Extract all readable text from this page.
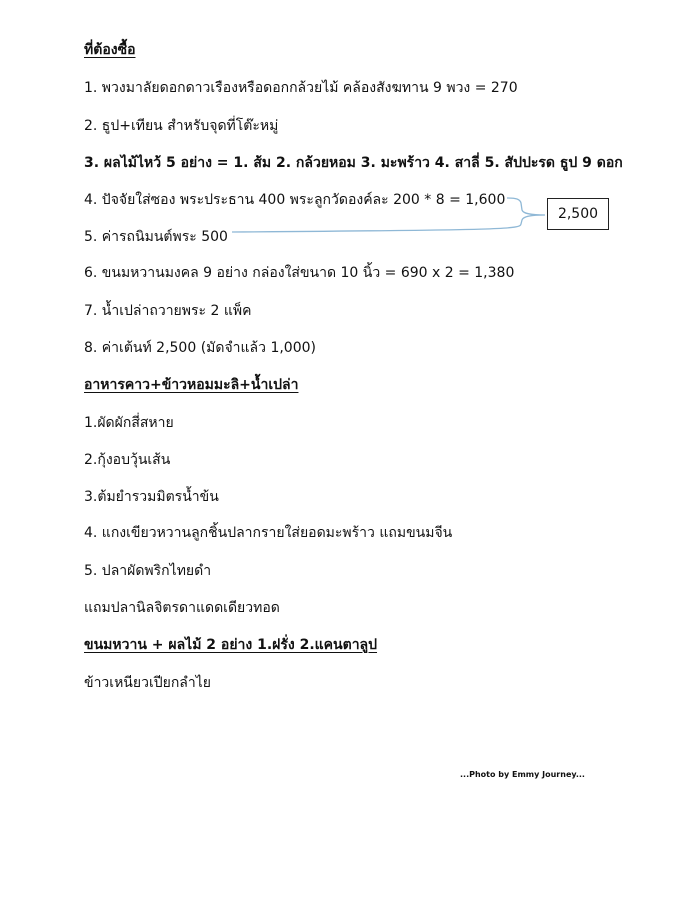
ที่ต้องซื้อ
1. พวงมาลัยดอกดาวเรืองหรือดอกกล้วยไม้ คล้องสังฆทาน 9 พวง = 270
2. ธูป+เทียน สำหรับจุดที่โต๊ะหมู่
3. ผลไม้ไหว้ 5 อย่าง = 1. ส้ม 2. กล้วยหอม 3. มะพร้าว 4. สาลี่ 5. สัปปะรด ธูป 9 ดอก
4. ปัจจัยใส่ซอง พระประธาน 400 พระลูกวัดองค์ละ 200 * 8 = 1,600
5. ค่ารถนิมนต์พระ 500
6. ขนมหวานมงคล 9 อย่าง กล่องใส่ขนาด 10 นิ้ว = 690 x 2 = 1,380
7. น้ำเปล่าถวายพระ 2 แพ็ค
8. ค่าเต้นท์ 2,500 (มัดจำแล้ว 1,000)
2,500
อาหารคาว+ข้าวหอมมะลิ+น้ำเปล่า
1.ผัดผักสี่สหาย
2.กุ้งอบวุ้นเส้น
3.ต้มยำรวมมิตรน้ำข้น
4. แกงเขียวหวานลูกชิ้นปลากรายใส่ยอดมะพร้าว แถมขนมจีน
5. ปลาผัดพริกไทยดำ
แถมปลานิลจิตรดาแดดเดียวทอด
ขนมหวาน + ผลไม้ 2 อย่าง 1.ฝรั่ง 2.แคนตาลูป
ข้าวเหนียวเปียกลำไย
...Photo by Emmy Journey...
